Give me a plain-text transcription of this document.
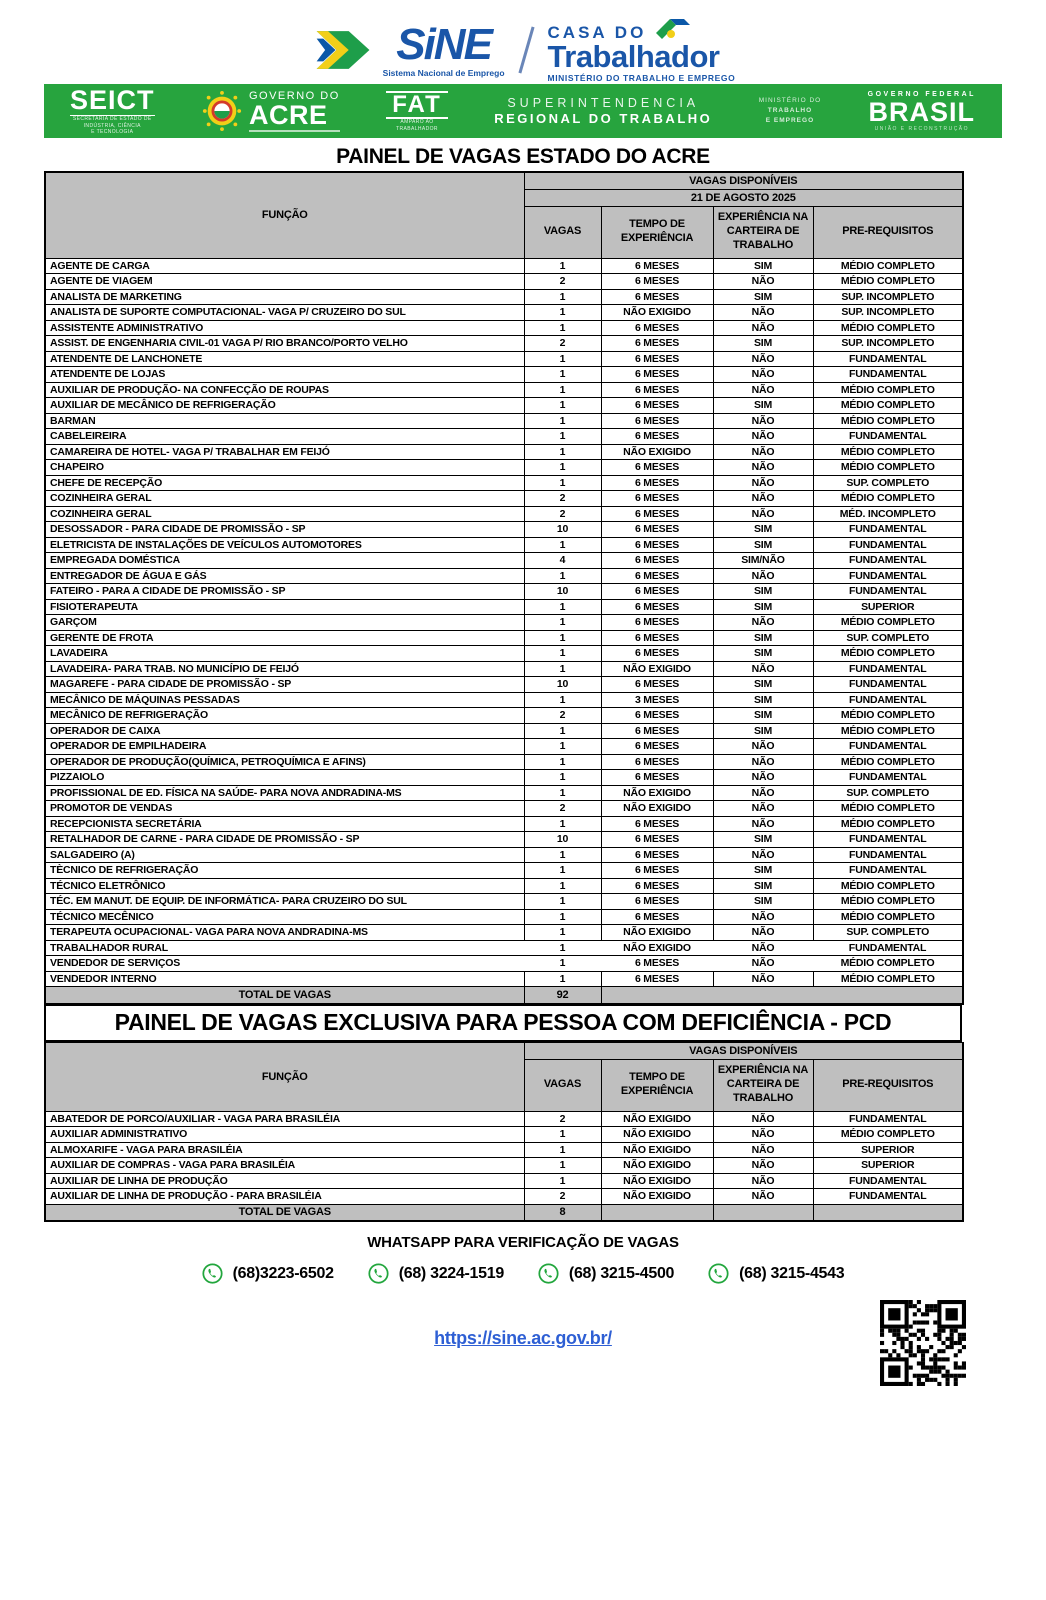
SiNE
Sistema Nacional de Emprego
CASA DO
Trabalhador
MINISTÉRIO DO TRABALHO E EMPREGO
SEICT
SECRETARIA DE ESTADO DE
INDÚSTRIA, CIÊNCIA
E TECNOLOGIA
GOVERNO DO
ACRE	FAT
AMPARO AO
TRABALHADOR
SUPERINTENDENCIA
REGIONAL DO TRABALHO
MINISTÉRIO DO
TRABALHO
E EMPREGO
GOVERNO FEDERAL
BRASIL
UNIÃO E RECONSTRUÇÃO
PAINEL DE VAGAS ESTADO DO ACRE
FUNÇÃO	VAGAS DISPONÍVEIS			
	21 DE AGOSTO 2025			
	VAGAS	TEMPO DE EXPERIÊNCIA	EXPERIÊNCIA NA CARTEIRA DE TRABALHO	PRE-REQUISITOS
AGENTE DE CARGA	1	6 MESES	SIM	MÉDIO COMPLETO
AGENTE DE VIAGEM	2	6 MESES	NÃO	MÉDIO COMPLETO
ANALISTA DE MARKETING	1	6 MESES	SIM	SUP. INCOMPLETO
ANALISTA DE SUPORTE COMPUTACIONAL- VAGA P/ CRUZEIRO DO SUL	1	NÃO EXIGIDO	NÃO	SUP. INCOMPLETO
ASSISTENTE ADMINISTRATIVO	1	6 MESES	NÃO	MÉDIO COMPLETO
ASSIST. DE ENGENHARIA CIVIL-01 VAGA P/ RIO BRANCO/PORTO VELHO	2	6 MESES	SIM	SUP. INCOMPLETO
ATENDENTE DE LANCHONETE	1	6 MESES	NÃO	FUNDAMENTAL
ATENDENTE DE LOJAS	1	6 MESES	NÃO	FUNDAMENTAL
AUXILIAR DE PRODUÇÃO- NA CONFECÇÃO DE ROUPAS	1	6 MESES	NÃO	MÉDIO COMPLETO
AUXILIAR DE MECÂNICO DE REFRIGERAÇÃO	1	6 MESES	SIM	MÉDIO COMPLETO
BARMAN	1	6 MESES	NÃO	MÉDIO COMPLETO
CABELEIREIRA	1	6 MESES	NÃO	FUNDAMENTAL
CAMAREIRA DE HOTEL- VAGA P/ TRABALHAR EM FEIJÓ	1	NÃO EXIGIDO	NÃO	MÉDIO COMPLETO
CHAPEIRO	1	6 MESES	NÃO	MÉDIO COMPLETO
CHEFE DE RECEPÇÃO	1	6 MESES	NÃO	SUP. COMPLETO
COZINHEIRA GERAL	2	6 MESES	NÃO	MÉDIO COMPLETO
COZINHEIRA GERAL	2	6 MESES	NÃO	MÉD. INCOMPLETO
DESOSSADOR - PARA CIDADE DE PROMISSÃO - SP	10	6 MESES	SIM	FUNDAMENTAL
ELETRICISTA DE INSTALAÇÕES DE VEÍCULOS AUTOMOTORES	1	6 MESES	SIM	FUNDAMENTAL
EMPREGADA DOMÉSTICA	4	6 MESES	SIM/NÃO	FUNDAMENTAL
ENTREGADOR DE ÁGUA E GÁS	1	6 MESES	NÃO	FUNDAMENTAL
FATEIRO - PARA A CIDADE DE PROMISSÃO - SP	10	6 MESES	SIM	FUNDAMENTAL
FISIOTERAPEUTA	1	6 MESES	SIM	SUPERIOR
GARÇOM	1	6 MESES	NÃO	MÉDIO COMPLETO
GERENTE DE FROTA	1	6 MESES	SIM	SUP. COMPLETO
LAVADEIRA	1	6 MESES	SIM	MÉDIO COMPLETO
LAVADEIRA- PARA TRAB. NO MUNICÍPIO DE FEIJÓ	1	NÃO EXIGIDO	NÃO	FUNDAMENTAL
MAGAREFE - PARA CIDADE DE PROMISSÃO - SP	10	6 MESES	SIM	FUNDAMENTAL
MECÂNICO DE MÁQUINAS PESSADAS	1	3 MESES	SIM	FUNDAMENTAL
MECÂNICO DE REFRIGERAÇÃO	2	6 MESES	SIM	MÉDIO COMPLETO
OPERADOR DE CAIXA	1	6 MESES	SIM	MÉDIO COMPLETO
OPERADOR DE EMPILHADEIRA	1	6 MESES	NÃO	FUNDAMENTAL
OPERADOR DE PRODUÇÃO(QUÍMICA, PETROQUÍMICA E AFINS)	1	6 MESES	NÃO	MÉDIO COMPLETO
PIZZAIOLO	1	6 MESES	NÃO	FUNDAMENTAL
PROFISSIONAL DE ED. FÍSICA NA SAÚDE- PARA NOVA ANDRADINA-MS	1	NÃO EXIGIDO	NÃO	SUP. COMPLETO
PROMOTOR DE VENDAS	2	NÃO EXIGIDO	NÃO	MÉDIO COMPLETO
RECEPCIONISTA SECRETÁRIA	1	6 MESES	NÃO	MÉDIO COMPLETO
RETALHADOR DE CARNE - PARA CIDADE DE PROMISSÃO - SP	10	6 MESES	SIM	FUNDAMENTAL
SALGADEIRO (A)	1	6 MESES	NÃO	FUNDAMENTAL
TÈCNICO DE REFRIGERAÇÃO	1	6 MESES	SIM	FUNDAMENTAL
TÉCNICO ELETRÔNICO	1	6 MESES	SIM	MÉDIO COMPLETO
TÉC. EM MANUT. DE EQUIP. DE INFORMÁTICA- PARA CRUZEIRO DO SUL	1	6 MESES	SIM	MÉDIO COMPLETO
TÉCNICO MECÊNICO	1	6 MESES	NÃO	MÉDIO COMPLETO
TERAPEUTA OCUPACIONAL- VAGA PARA NOVA ANDRADINA-MS	1	NÃO EXIGIDO	NÃO	SUP. COMPLETO
TRABALHADOR RURAL	1	NÃO EXIGIDO	NÃO	FUNDAMENTAL
VENDEDOR DE SERVIÇOS	1	6 MESES	NÃO	MÉDIO COMPLETO
VENDEDOR INTERNO	1	6 MESES	NÃO	MÉDIO COMPLETO
TOTAL DE VAGAS	92			
PAINEL DE VAGAS EXCLUSIVA PARA PESSOA COM DEFICIÊNCIA - PCD
FUNÇÃO	VAGAS DISPONÍVEIS			
	VAGAS	TEMPO DE EXPERIÊNCIA	EXPERIÊNCIA NA CARTEIRA DE TRABALHO	PRE-REQUISITOS
ABATEDOR DE PORCO/AUXILIAR - VAGA PARA BRASILÉIA	2	NÃO EXIGIDO	NÃO	FUNDAMENTAL
AUXILIAR ADMINISTRATIVO	1	NÃO EXIGIDO	NÃO	MÉDIO COMPLETO
ALMOXARIFE - VAGA PARA BRASILÉIA	1	NÃO EXIGIDO	NÃO	SUPERIOR
AUXILIAR DE COMPRAS - VAGA PARA BRASILÉIA	1	NÃO EXIGIDO	NÃO	SUPERIOR
AUXILIAR DE LINHA DE PRODUÇÃO	1	NÃO EXIGIDO	NÃO	FUNDAMENTAL
AUXILIAR DE LINHA DE PRODUÇÃO - PARA BRASILÉIA	2	NÃO EXIGIDO	NÃO	FUNDAMENTAL
TOTAL DE VAGAS	8			
WHATSAPP PARA VERIFICAÇÃO DE VAGAS
(68)3223-6502	(68) 3224-1519	(68) 3215-4500	(68) 3215-4543
https://sine.ac.gov.br/
